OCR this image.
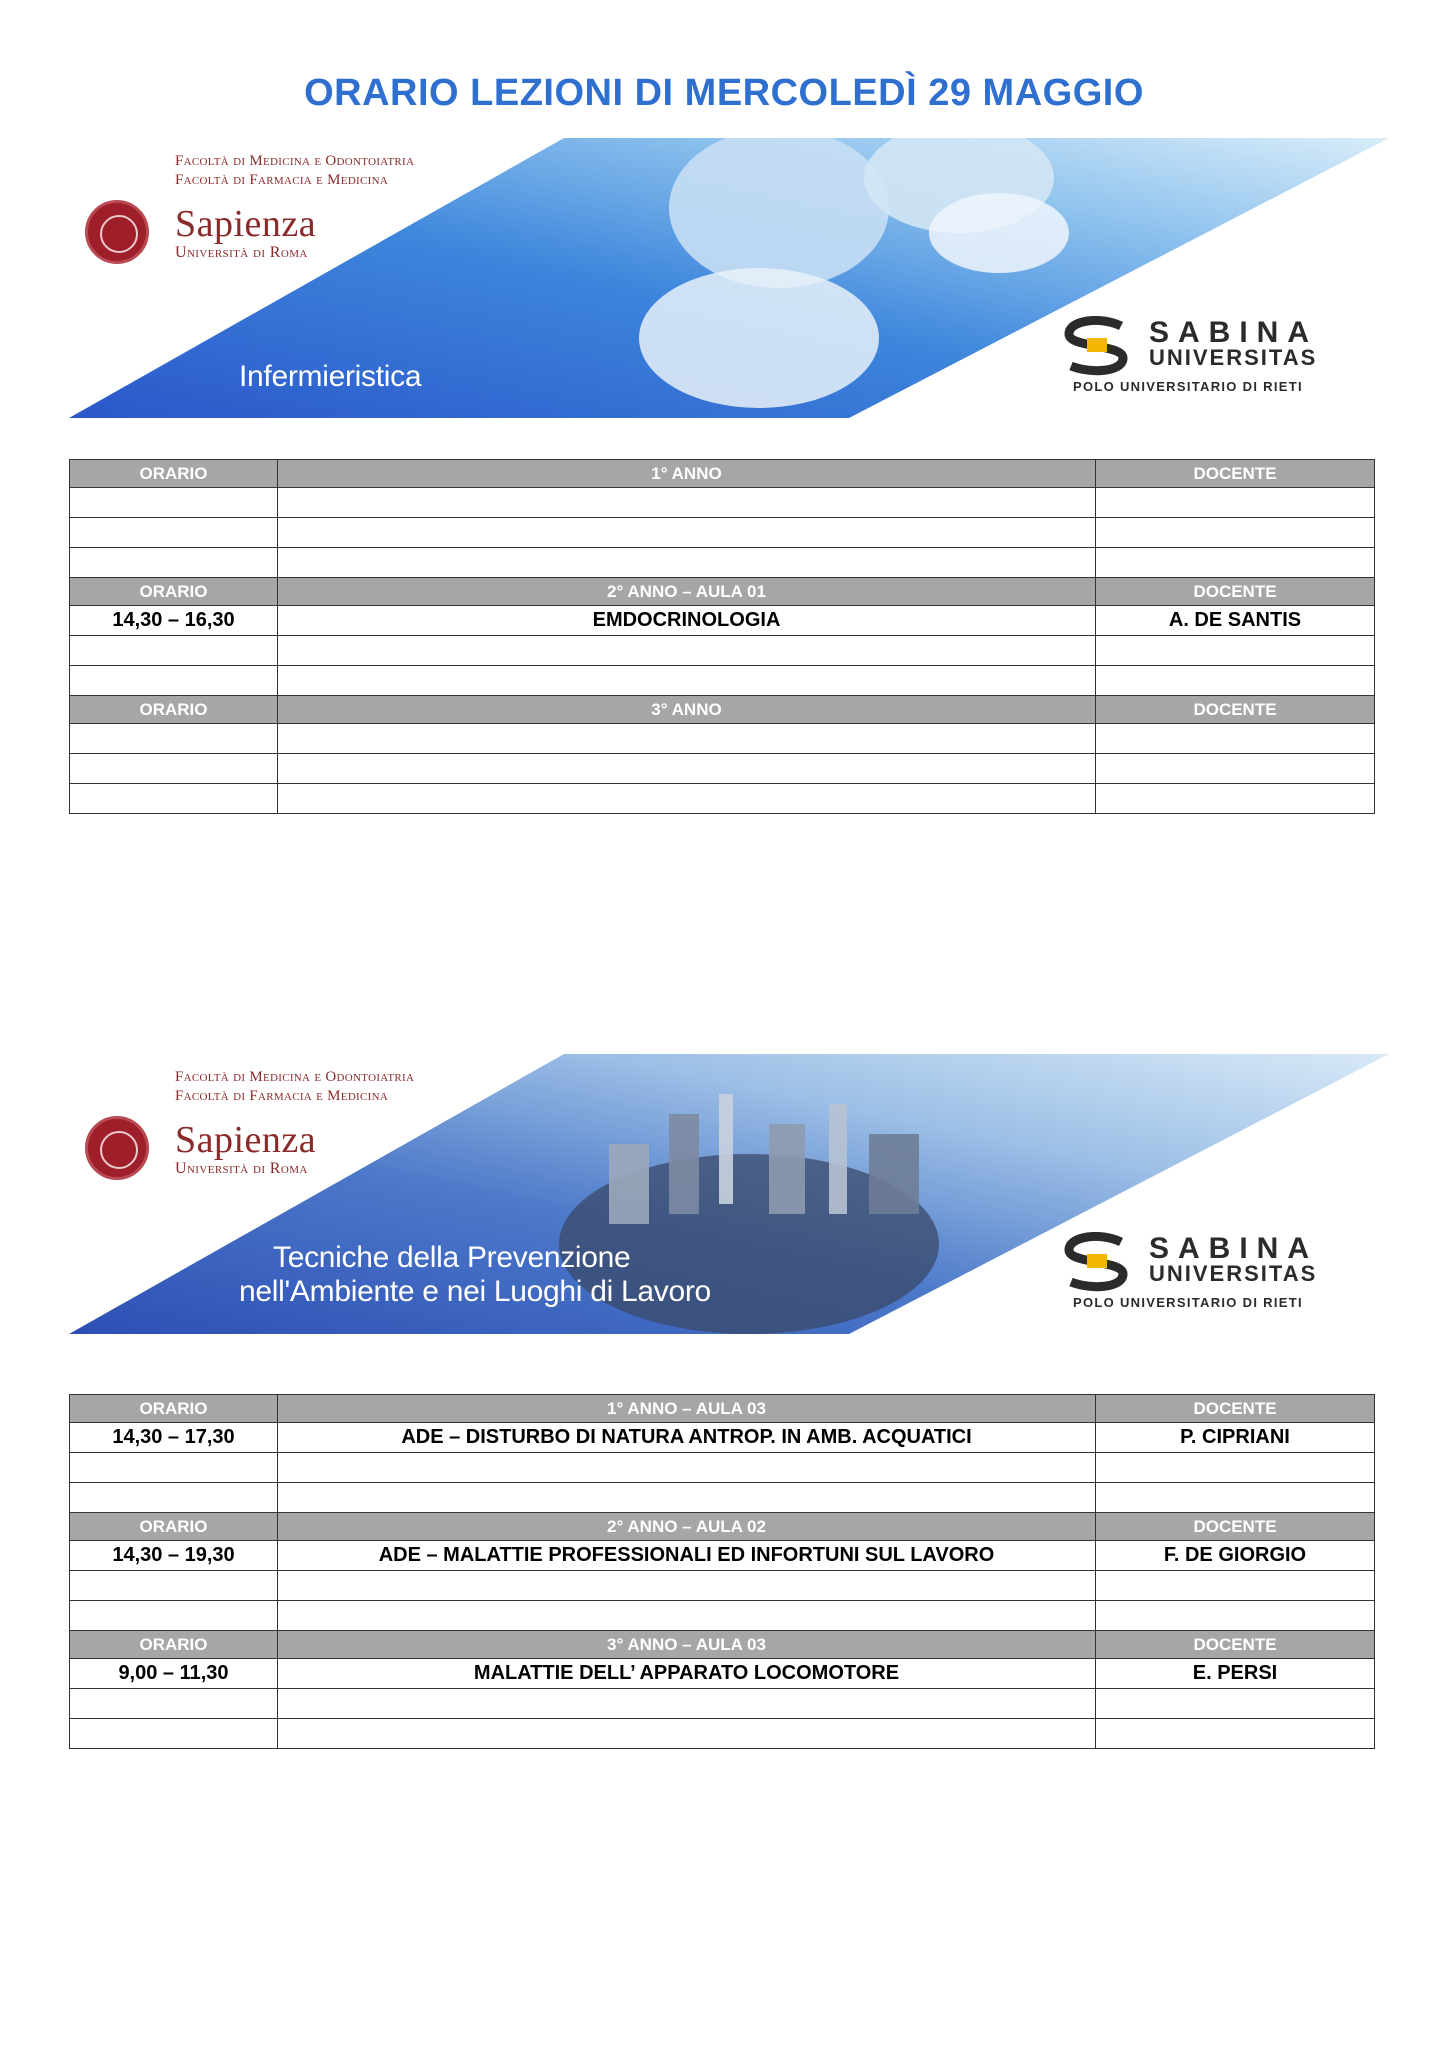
ORARIO LEZIONI DI MERCOLEDÌ 29 MAGGIO
Facoltà di Medicina e Odontoiatria
Facoltà di Farmacia e Medicina
Sapienza
Università di Roma
Infermieristica
SABINA
UNIVERSITAS
POLO UNIVERSITARIO DI RIETI
ORARIO	1° ANNO	DOCENTE

ORARIO	2° ANNO – AULA 01	DOCENTE
14,30 – 16,30	EMDOCRINOLOGIA	A. DE SANTIS

ORARIO	3° ANNO	DOCENTE

Facoltà di Medicina e Odontoiatria
Facoltà di Farmacia e Medicina
Sapienza
Università di Roma
Tecniche della Prevenzione
nell'Ambiente e nei Luoghi di Lavoro
SABINA
UNIVERSITAS
POLO UNIVERSITARIO DI RIETI
ORARIO	1° ANNO – AULA 03	DOCENTE
14,30 – 17,30	ADE – DISTURBO DI NATURA ANTROP. IN AMB. ACQUATICI	P. CIPRIANI

ORARIO	2° ANNO – AULA 02	DOCENTE
14,30 – 19,30	ADE – MALATTIE PROFESSIONALI ED INFORTUNI SUL LAVORO	F. DE GIORGIO

ORARIO	3° ANNO – AULA 03	DOCENTE
9,00 – 11,30	MALATTIE DELL’ APPARATO LOCOMOTORE	E. PERSI
